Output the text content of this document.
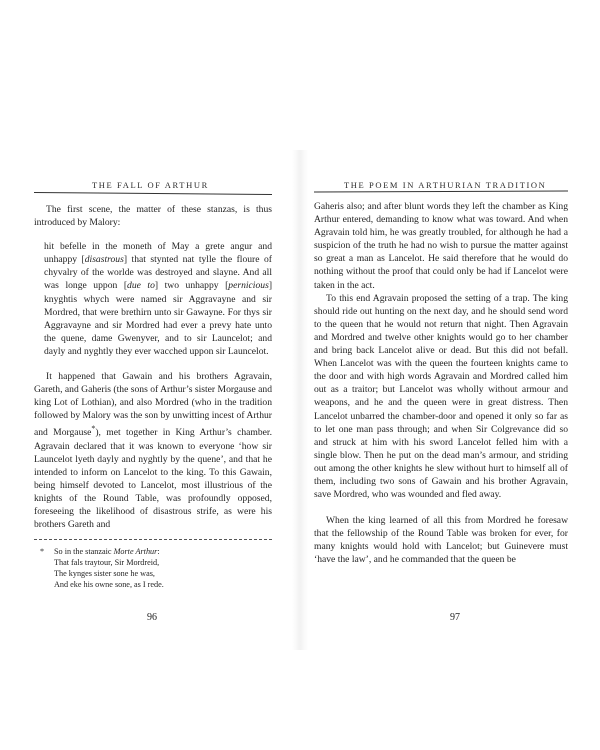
THE FALL OF ARTHUR

The first scene, the matter of these stanzas, is thus introduced by Malory:

hit befelle in the moneth of May a grete angur and unhappy [disastrous] that stynted nat tylle the floure of chyvalry of the worlde was destroyed and slayne. And all was longe uppon [due to] two unhappy [pernicious] knyghtis whych were named sir Aggravayne and sir Mordred, that were brethirn unto sir Gawayne. For thys sir Aggravayne and sir Mordred had ever a prevy hate unto the quene, dame Gwenyver, and to sir Launcelot; and dayly and nyghtly they ever wacched uppon sir Launcelot.

It happened that Gawain and his brothers Agravain, Gareth, and Gaheris (the sons of Arthur’s sister Morgause and king Lot of Lothian), and also Mordred (who in the tradition followed by Malory was the son by unwitting incest of Arthur and Morgause*), met together in King Arthur’s chamber. Agravain declared that it was known to everyone ‘how sir Launcelot lyeth dayly and nyghtly by the quene’, and that he intended to inform on Lancelot to the king. To this Gawain, being himself devoted to Lancelot, most illustrious of the knights of the Round Table, was profoundly opposed, foreseeing the likelihood of disastrous strife, as were his brothers Gareth and

* So in the stanzaic Morte Arthur:
That fals traytour, Sir Mordreid,
The kynges sister sone he was,
And eke his owne sone, as I rede.
96
THE POEM IN ARTHURIAN TRADITION

Gaheris also; and after blunt words they left the chamber as King Arthur entered, demanding to know what was toward. And when Agravain told him, he was greatly troubled, for although he had a suspicion of the truth he had no wish to pursue the matter against so great a man as Lancelot. He said therefore that he would do nothing without the proof that could only be had if Lancelot were taken in the act.

To this end Agravain proposed the setting of a trap. The king should ride out hunting on the next day, and he should send word to the queen that he would not return that night. Then Agravain and Mordred and twelve other knights would go to her chamber and bring back Lancelot alive or dead. But this did not befall. When Lancelot was with the queen the fourteen knights came to the door and with high words Agravain and Mordred called him out as a traitor; but Lancelot was wholly without armour and weapons, and he and the queen were in great distress. Then Lancelot unbarred the chamber-door and opened it only so far as to let one man pass through; and when Sir Colgrevance did so and struck at him with his sword Lancelot felled him with a single blow. Then he put on the dead man’s armour, and striding out among the other knights he slew without hurt to himself all of them, including two sons of Gawain and his brother Agravain, save Mordred, who was wounded and fled away.

When the king learned of all this from Mordred he foresaw that the fellowship of the Round Table was broken for ever, for many knights would hold with Lancelot; but Guinevere must ‘have the law’, and he commanded that the queen be

97
